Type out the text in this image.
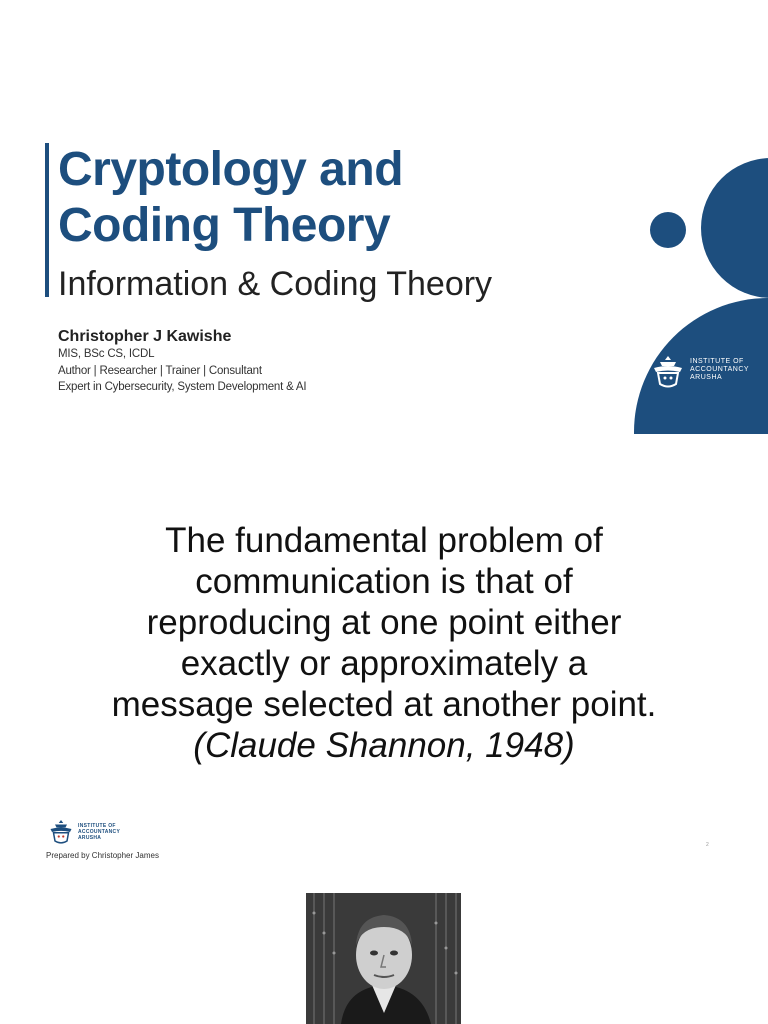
Cryptology and
Coding Theory
Information & Coding Theory
Christopher J Kawishe
MIS, BSc CS, ICDL
Author | Researcher | Trainer | Consultant
Expert in Cybersecurity, System Development & AI
INSTITUTE OF
ACCOUNTANCY
ARUSHA

The fundamental problem of
communication is that of
reproducing at one point either
exactly or approximately a
message selected at another point.
(Claude Shannon, 1948)

INSTITUTE OF
ACCOUNTANCY
ARUSHA
Prepared by Christopher James
2
